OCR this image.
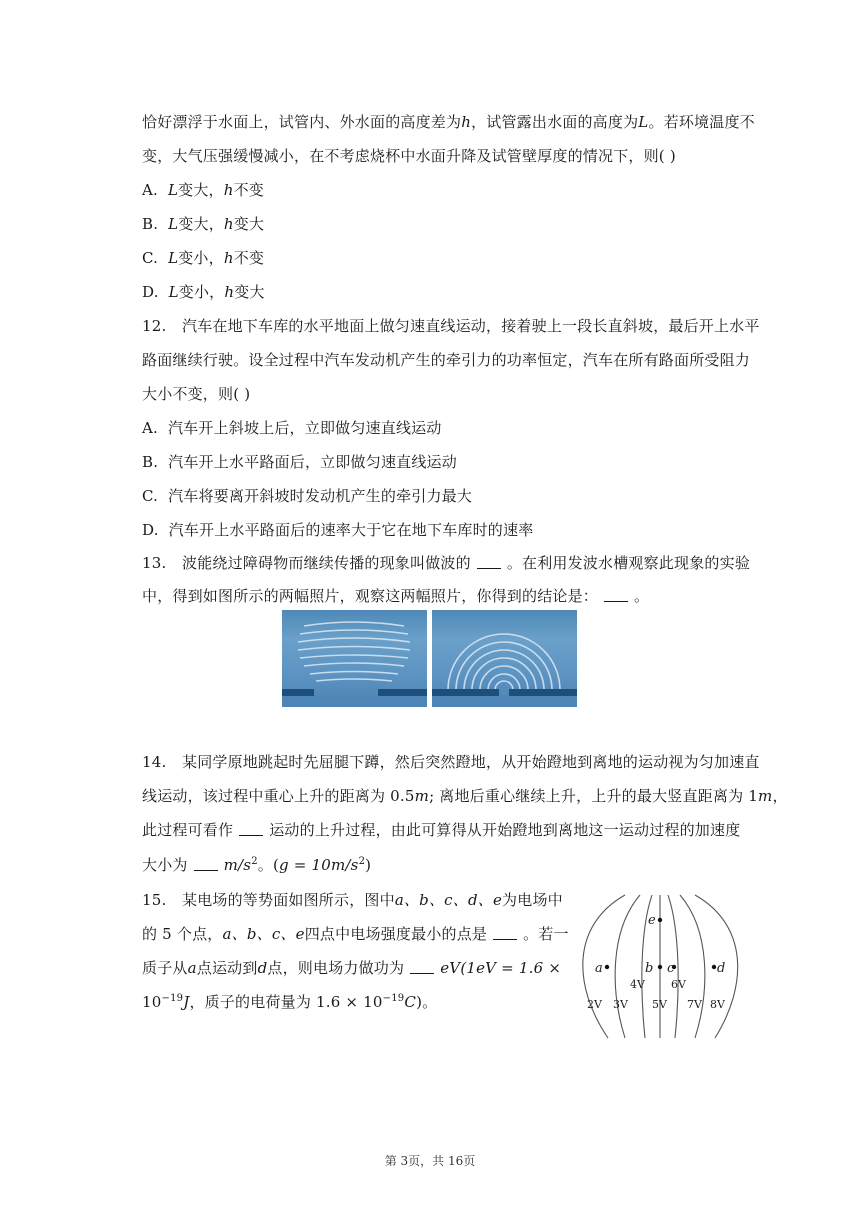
恰好漂浮于水面上，试管内、外水面的高度差为h，试管露出水面的高度为L。若环境温度不
变，大气压强缓慢减小，在不考虑烧杯中水面升降及试管壁厚度的情况下，则( )
A. L变大，h不变
B. L变大，h变大
C. L变小，h不变
D. L变小，h变大
12. 汽车在地下车库的水平地面上做匀速直线运动，接着驶上一段长直斜坡，最后开上水平
路面继续行驶。设全过程中汽车发动机产生的牵引力的功率恒定，汽车在所有路面所受阻力
大小不变，则( )
A. 汽车开上斜坡上后，立即做匀速直线运动
B. 汽车开上水平路面后，立即做匀速直线运动
C. 汽车将要离开斜坡时发动机产生的牵引力最大
D. 汽车开上水平路面后的速率大于它在地下车库时的速率
13. 波能绕过障碍物而继续传播的现象叫做波的 。在利用发波水槽观察此现象的实验
中，得到如图所示的两幅照片，观察这两幅照片，你得到的结论是： 。
14. 某同学原地跳起时先屈腿下蹲，然后突然蹬地，从开始蹬地到离地的运动视为匀加速直
线运动，该过程中重心上升的距离为 0.5m; 离地后重心继续上升，上升的最大竖直距离为 1m，
此过程可看作 运动的上升过程，由此可算得从开始蹬地到离地这一运动过程的加速度
大小为 $m/s^2$。$(g = 10m/s^2)$
15. 某电场的等势面如图所示，图中a、b、c、d、e为电场中
的 5 个点，a、b、c、e四点中电场强度最小的点是 。若一
质子从a点运动到d点，则电场力做功为 eV(1eV = 1.6 ×
$10^{-19}J$，质子的电荷量为 $1.6 \times 10^{-19}C$)。
e
a	b c	d
4V 6V
2V 3V 5V 7V 8V
第 3页，共 16页
